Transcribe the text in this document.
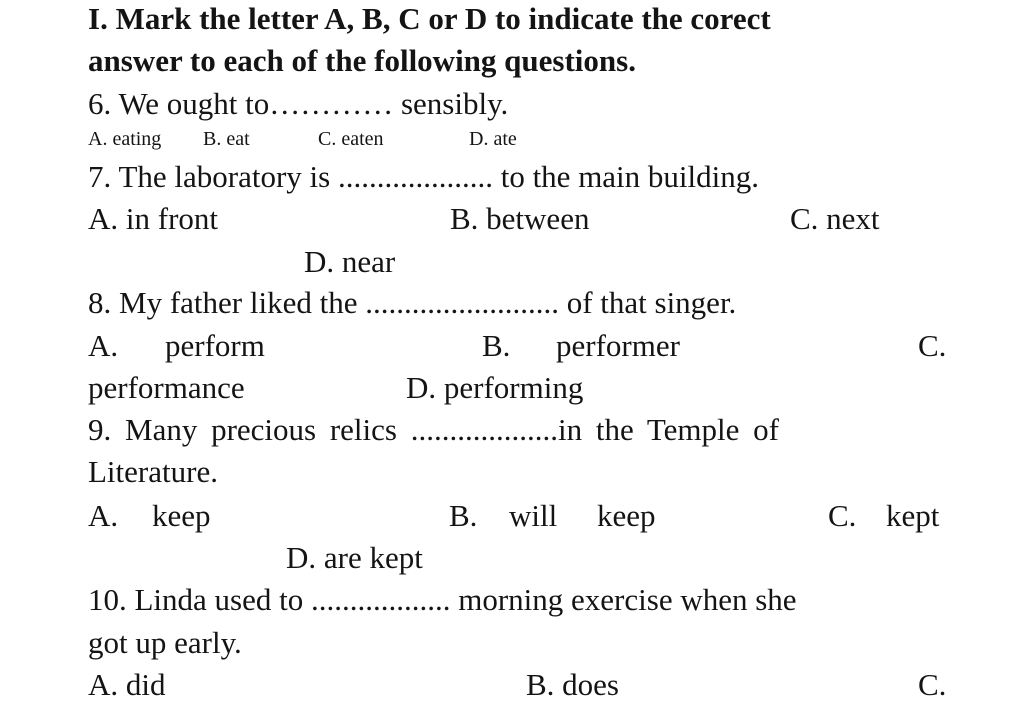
I. Mark the letter A, B, C or D to indicate the corect
answer to each of the following questions.
6. We ought to………… sensibly.
A. eating B. eat	C. eaten	D. ate
7. The laboratory is .................... to the main building.
A. in front	B. between	C. next
D. near
8. My father liked the ......................... of that singer.
A. perform	B. performer	C.
performance	D. performing
9. Many precious relics ...................in the Temple of
Literature.
A. keep	B. will keep	C. kept
D. are kept
10. Linda used to .................. morning exercise when she
got up early.
A. did	B. does	C.
